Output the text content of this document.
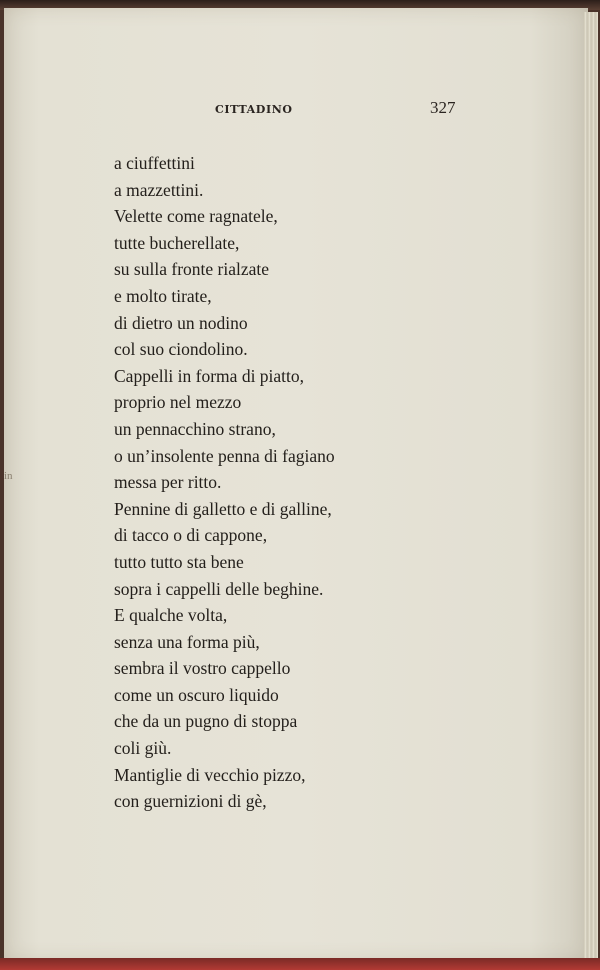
in
CITTADINO	327
a ciuffettini
a mazzettini.
Velette come ragnatele,
tutte bucherellate,
su sulla fronte rialzate
e molto tirate,
di dietro un nodino
col suo ciondolino.
Cappelli in forma di piatto,
proprio nel mezzo
un pennacchino strano,
o un’insolente penna di fagiano
messa per ritto.
Pennine di galletto e di galline,
di tacco o di cappone,
tutto tutto sta bene
sopra i cappelli delle beghine.
E qualche volta,
senza una forma più,
sembra il vostro cappello
come un oscuro liquido
che da un pugno di stoppa
coli giù.
Mantiglie di vecchio pizzo,
con guernizioni di gè,
